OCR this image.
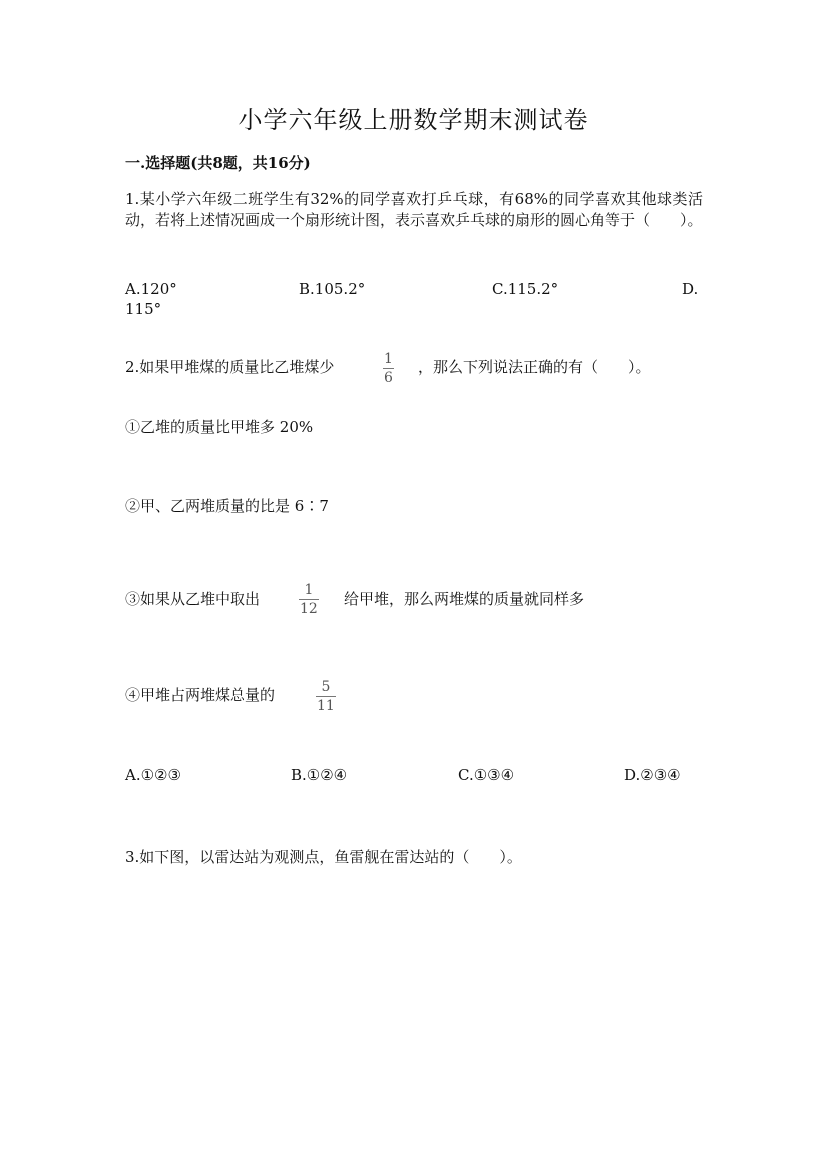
小学六年级上册数学期末测试卷
一.选择题(共8题，共16分)
1.某小学六年级二班学生有32%的同学喜欢打乒乓球，有68%的同学喜欢其他球类活动，若将上述情况画成一个扇形统计图，表示喜欢乒乓球的扇形的圆心角等于（　　）。
A.120°	B.105.2°	C.115.2°	D.
115°
2.如果甲堆煤的质量比乙堆煤少	1
6
，那么下列说法正确的有（　　）。
①乙堆的质量比甲堆多 20%
②甲、乙两堆质量的比是 6∶7
③如果从乙堆中取出	1
12
给甲堆，那么两堆煤的质量就同样多
④甲堆占两堆煤总量的	5
11
A.①②③	B.①②④	C.①③④	D.②③④
3.如下图，以雷达站为观测点，鱼雷舰在雷达站的（　　）。
